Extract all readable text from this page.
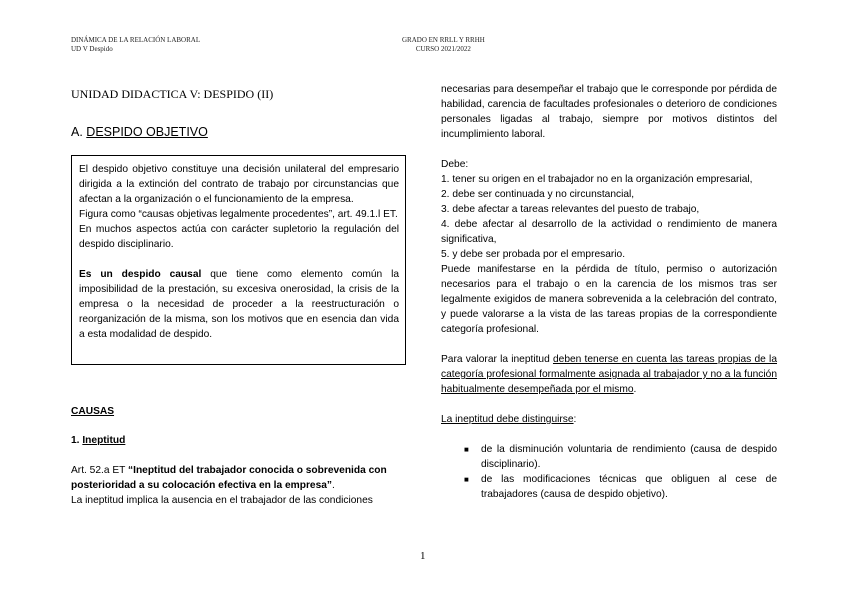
DINÁMICA DE LA RELACIÓN LABORAL
UD V Despido
GRADO EN RRLL Y RRHH
CURSO 2021/2022
UNIDAD DIDACTICA V: DESPIDO (II)
A. DESPIDO OBJETIVO

El despido objetivo constituye una decisión unilateral del empresario dirigida a la extinción del contrato de trabajo por circunstancias que afectan a la organización o el funcionamiento de la empresa.

Figura como “causas objetivas legalmente procedentes”, art. 49.1.l ET.

En muchos aspectos actúa con carácter supletorio la regulación del despido disciplinario.

Es un despido causal que tiene como elemento común la imposibilidad de la prestación, su excesiva onerosidad, la crisis de la empresa o la necesidad de proceder a la reestructuración o reorganización de la misma, son los motivos que en esencia dan vida a esta modalidad de despido.

CAUSAS
1. Ineptitud

Art. 52.a ET “Ineptitud del trabajador conocida o sobrevenida con posterioridad a su colocación efectiva en la empresa”.

La ineptitud implica la ausencia en el trabajador de las condiciones

necesarias para desempeñar el trabajo que le corresponde por pérdida de habilidad, carencia de facultades profesionales o deterioro de condiciones personales ligadas al trabajo, siempre por motivos distintos del incumplimiento laboral.

Debe:

1. tener su origen en el trabajador no en la organización empresarial,

2. debe ser continuada y no circunstancial,

3. debe afectar a tareas relevantes del puesto de trabajo,

4. debe afectar al desarrollo de la actividad o rendimiento de manera significativa,

5. y debe ser probada por el empresario.

Puede manifestarse en la pérdida de título, permiso o autorización necesarios para el trabajo o en la carencia de los mismos tras ser legalmente exigidos de manera sobrevenida a la celebración del contrato, y puede valorarse a la vista de las tareas propias de la correspondiente categoría profesional.

Para valorar la ineptitud deben tenerse en cuenta las tareas propias de la categoría profesional formalmente asignada al trabajador y no a la función habitualmente desempeñada por el mismo.

La ineptitud debe distinguirse:

■ de la disminución voluntaria de rendimiento (causa de despido disciplinario).
■ de las modificaciones técnicas que obliguen al cese de trabajadores (causa de despido objetivo).
1
